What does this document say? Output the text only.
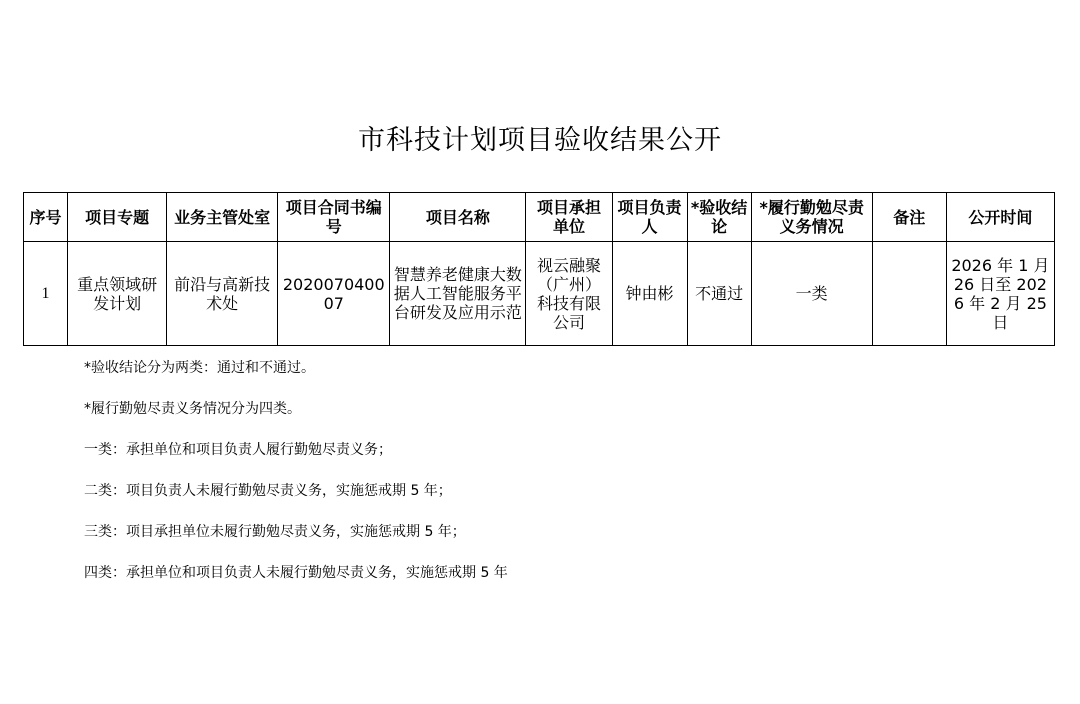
市科技计划项目验收结果公开
序号	项目专题	业务主管处室	项目合同书编号	项目名称	项目承担单位	项目负责人	*验收结论	*履行勤勉尽责义务情况	备注	公开时间
1	重点领域研发计划	前沿与高新技术处	202007040007	智慧养老健康大数据人工智能服务平台研发及应用示范	视云融聚（广州）科技有限公司	钟由彬	不通过	一类		2026 年 1 月 26 日至 2026 年 2 月 25 日

*验收结论分为两类：通过和不通过。

*履行勤勉尽责义务情况分为四类。

一类：承担单位和项目负责人履行勤勉尽责义务；

二类：项目负责人未履行勤勉尽责义务，实施惩戒期 5 年；

三类：项目承担单位未履行勤勉尽责义务，实施惩戒期 5 年；

四类：承担单位和项目负责人未履行勤勉尽责义务，实施惩戒期 5 年
